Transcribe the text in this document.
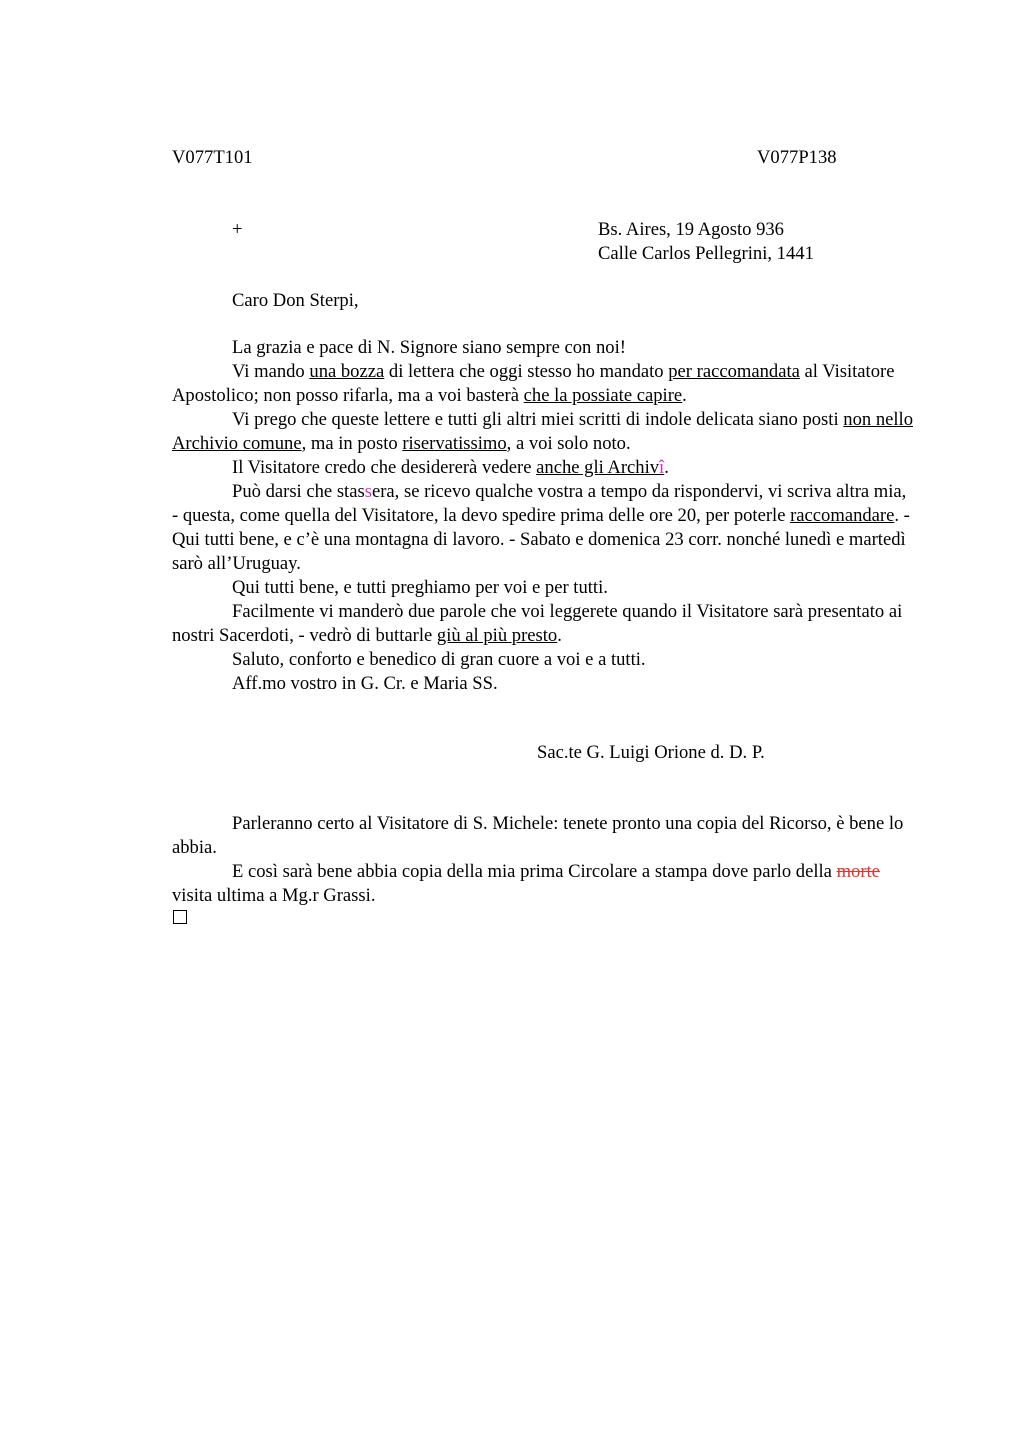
V077T101	V077P138
+	Bs. Aires, 19 Agosto 936
Calle Carlos Pellegrini, 1441
Caro Don Sterpi,

La grazia e pace di N. Signore siano sempre con noi!

Vi mando una bozza di lettera che oggi stesso ho mandato per raccomandata al Visitatore Apostolico; non posso rifarla, ma a voi basterà che la possiate capire.

Vi prego che queste lettere e tutti gli altri miei scritti di indole delicata siano posti non nello Archivio comune, ma in posto riservatissimo, a voi solo noto.

Il Visitatore credo che desidererà vedere anche gli Archivî.

Può darsi che stassera, se ricevo qualche vostra a tempo da rispondervi, vi scriva altra mia, - questa, come quella del Visitatore, la devo spedire prima delle ore 20, per poterle raccomandare. - Qui tutti bene, e c’è una montagna di lavoro. - Sabato e domenica 23 corr. nonché lunedì e martedì sarò all’Uruguay.

Qui tutti bene, e tutti preghiamo per voi e per tutti.

Facilmente vi manderò due parole che voi leggerete quando il Visitatore sarà presentato ai nostri Sacerdoti, - vedrò di buttarle giù al più presto.

Saluto, conforto e benedico di gran cuore a voi e a tutti.

Aff.mo vostro in G. Cr. e Maria SS.

Sac.te G. Luigi Orione d. D. P.

Parleranno certo al Visitatore di S. Michele: tenete pronto una copia del Ricorso, è bene lo abbia.

E così sarà bene abbia copia della mia prima Circolare a stampa dove parlo della morte visita ultima a Mg.r Grassi.
